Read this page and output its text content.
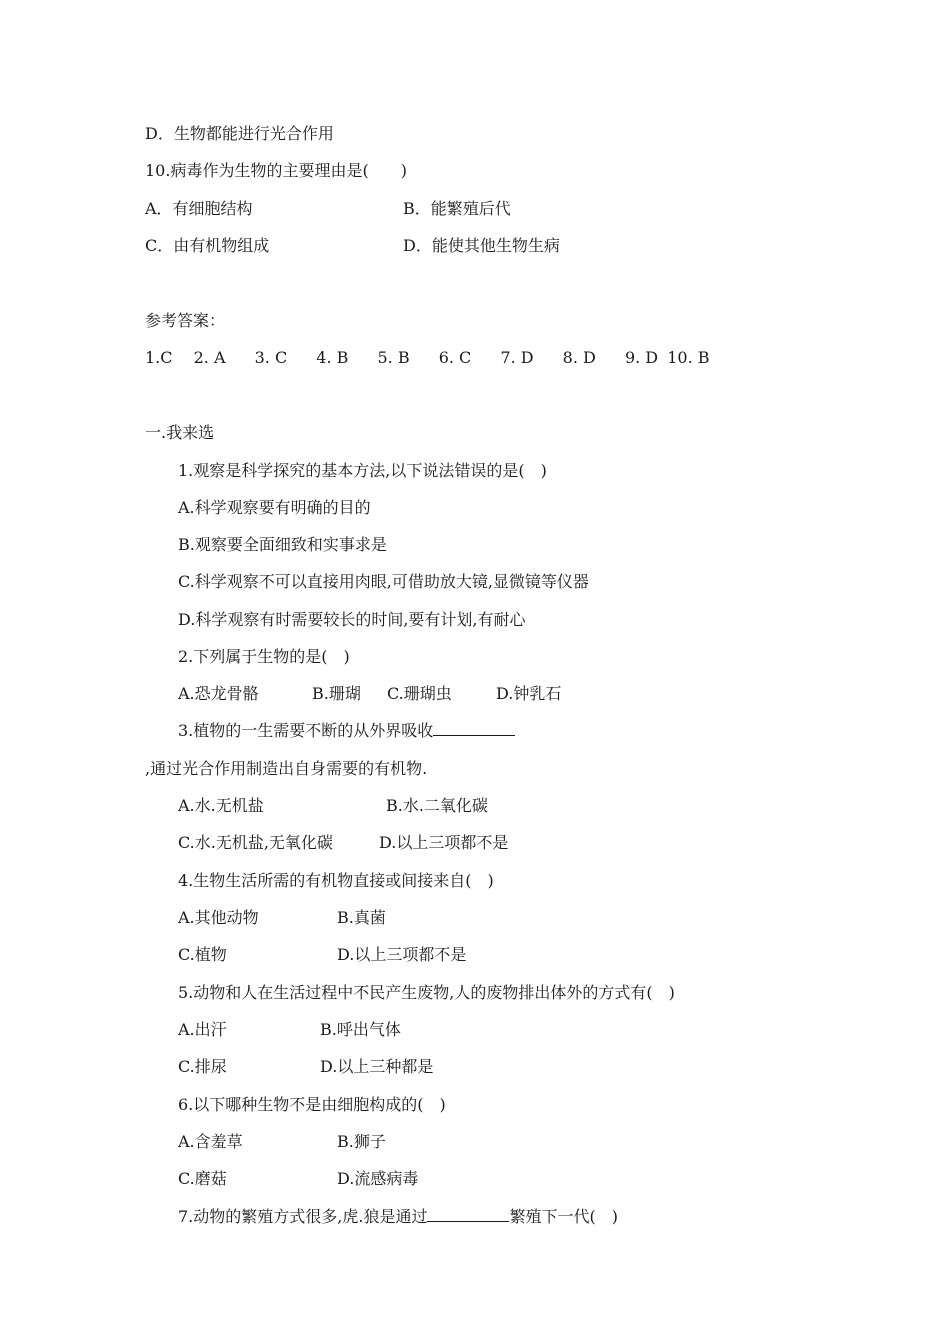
D．生物都能进行光合作用
10.病毒作为生物的主要理由是(　　)
A．有细胞结构	B．能繁殖后代
C．由有机物组成	D．能使其他生物生病
参考答案：
1.C 2. A 3. C 4. B 5. B 6. C 7. D 8. D 9. D 10. B
一.我来选
1.观察是科学探究的基本方法,以下说法错误的是(　)
A.科学观察要有明确的目的
B.观察要全面细致和实事求是
C.科学观察不可以直接用肉眼,可借助放大镜,显微镜等仪器
D.科学观察有时需要较长的时间,要有计划,有耐心
2.下列属于生物的是(　)
A.恐龙骨骼	B.珊瑚 C.珊瑚虫	D.钟乳石
3.植物的一生需要不断的从外界吸收
,通过光合作用制造出自身需要的有机物.
A.水.无机盐	B.水.二氧化碳
C.水.无机盐,无氧化碳	D.以上三项都不是
4.生物生活所需的有机物直接或间接来自(　)
A.其他动物	B.真菌
C.植物	D.以上三项都不是
5.动物和人在生活过程中不民产生废物,人的废物排出体外的方式有(　)
A.出汗	B.呼出气体
C.排尿	D.以上三种都是
6.以下哪种生物不是由细胞构成的(　)
A.含羞草	B.狮子
C.磨菇	D.流感病毒
7.动物的繁殖方式很多,虎.狼是通过	繁殖下一代(　)
